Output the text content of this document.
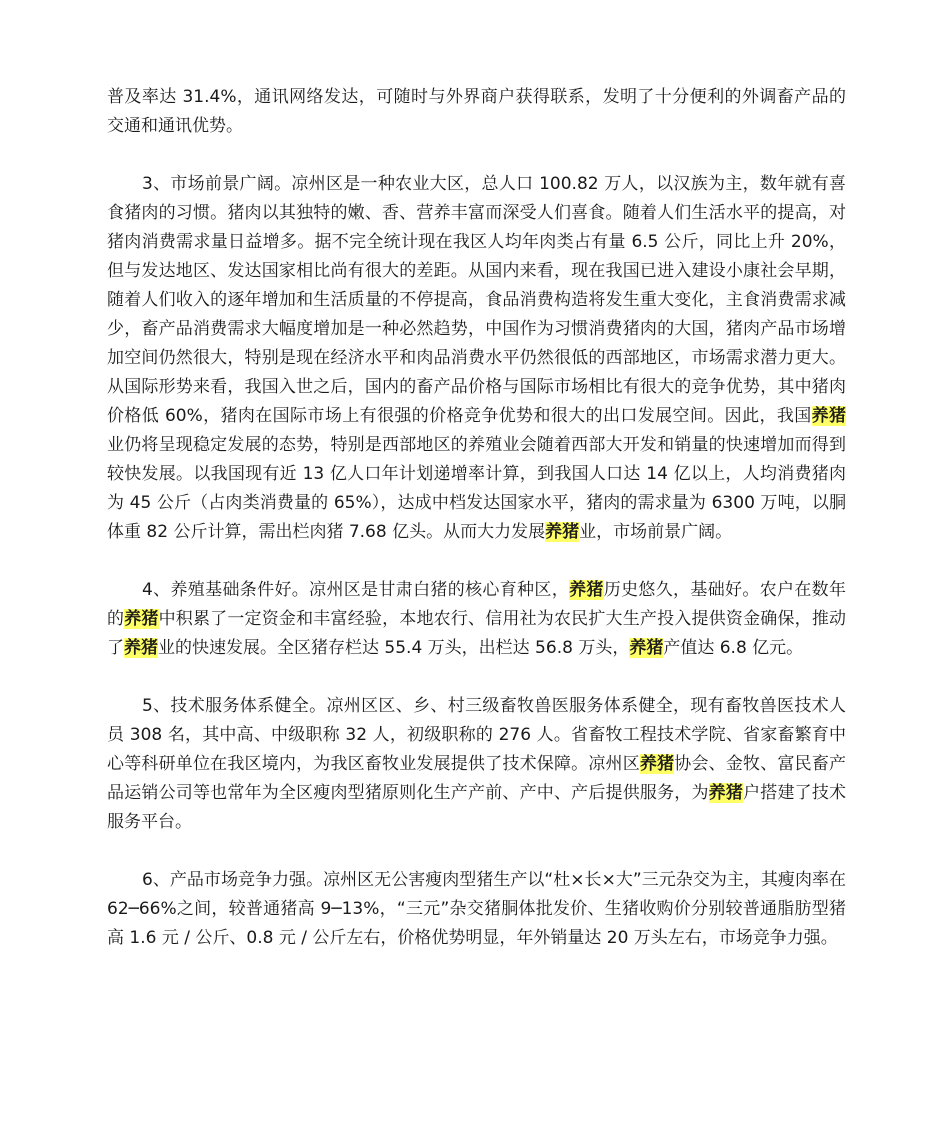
普及率达 31.4%，通讯网络发达，可随时与外界商户获得联系，发明了十分便利的外调畜产品的交通和通讯优势。

3、市场前景广阔。凉州区是一种农业大区，总人口 100.82 万人，以汉族为主，数年就有喜食猪肉的习惯。猪肉以其独特的嫩、香、营养丰富而深受人们喜食。随着人们生活水平的提高，对猪肉消费需求量日益增多。据不完全统计现在我区人均年肉类占有量 6.5 公斤，同比上升 20%，但与发达地区、发达国家相比尚有很大的差距。从国内来看，现在我国已进入建设小康社会早期，随着人们收入的逐年增加和生活质量的不停提高，食品消费构造将发生重大变化，主食消费需求减少，畜产品消费需求大幅度增加是一种必然趋势，中国作为习惯消费猪肉的大国，猪肉产品市场增加空间仍然很大，特别是现在经济水平和肉品消费水平仍然很低的西部地区，市场需求潜力更大。从国际形势来看，我国入世之后，国内的畜产品价格与国际市场相比有很大的竞争优势，其中猪肉价格低 60%，猪肉在国际市场上有很强的价格竞争优势和很大的出口发展空间。因此，我国养猪业仍将呈现稳定发展的态势，特别是西部地区的养殖业会随着西部大开发和销量的快速增加而得到较快发展。以我国现有近 13 亿人口年计划递增率计算，到我国人口达 14 亿以上，人均消费猪肉为 45 公斤（占肉类消费量的 65%），达成中档发达国家水平，猪肉的需求量为 6300 万吨，以胴体重 82 公斤计算，需出栏肉猪 7.68 亿头。从而大力发展养猪业，市场前景广阔。

4、养殖基础条件好。凉州区是甘肃白猪的核心育种区，养猪历史悠久，基础好。农户在数年的养猪中积累了一定资金和丰富经验，本地农行、信用社为农民扩大生产投入提供资金确保，推动了养猪业的快速发展。全区猪存栏达 55.4 万头，出栏达 56.8 万头，养猪产值达 6.8 亿元。

5、技术服务体系健全。凉州区区、乡、村三级畜牧兽医服务体系健全，现有畜牧兽医技术人员 308 名，其中高、中级职称 32 人，初级职称的 276 人。省畜牧工程技术学院、省家畜繁育中心等科研单位在我区境内，为我区畜牧业发展提供了技术保障。凉州区养猪协会、金牧、富民畜产品运销公司等也常年为全区瘦肉型猪原则化生产产前、产中、产后提供服务，为养猪户搭建了技术服务平台。

6、产品市场竞争力强。凉州区无公害瘦肉型猪生产以“杜×长×大”三元杂交为主，其瘦肉率在 62─66%之间，较普通猪高 9─13%，“三元”杂交猪胴体批发价、生猪收购价分别较普通脂肪型猪高 1.6 元 / 公斤、0.8 元 / 公斤左右，价格优势明显，年外销量达 20 万头左右，市场竞争力强。
